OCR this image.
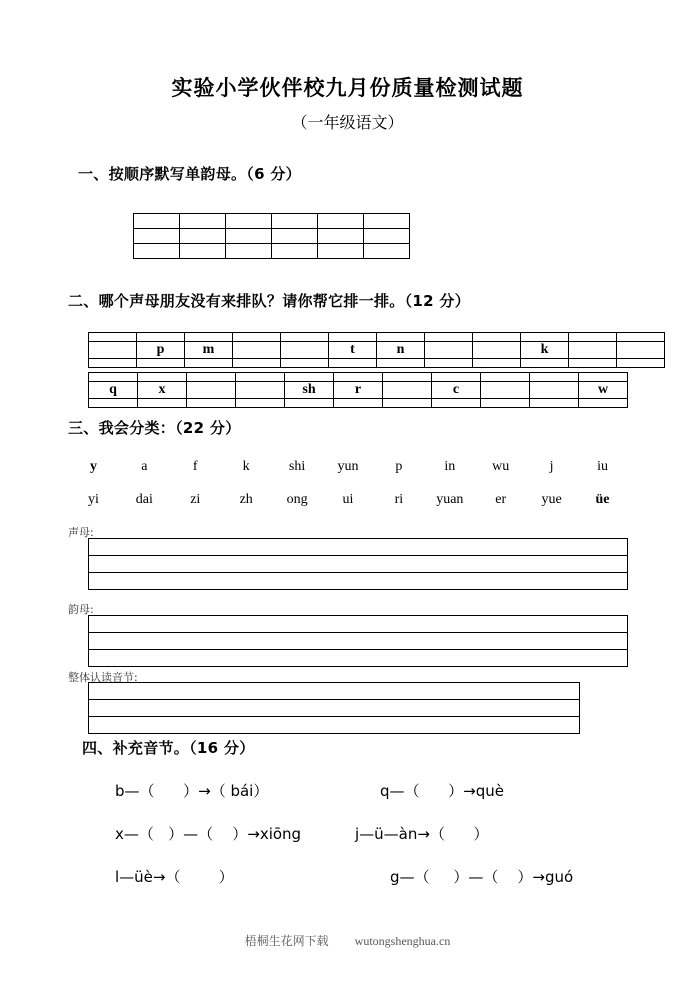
实验小学伙伴校九月份质量检测试题
（一年级语文）
一、按顺序默写单韵母。（6 分）

二、哪个声母朋友没有来排队？请你帮它排一排。（12 分）

	p	m			t	n			k		

q	x			sh	r		c			w

三、我会分类：（22 分）
y	a	f	k	shi	yun	p	in	wu	j	iu
yi	dai	zi	zh	ong	ui	ri	yuan	er	yue	üe
声母:

韵母:

整体认读音节:

四、补充音节。（16 分）
b—（      ）→（ bái）	q—（      ）→què
x—（   ）—（    ）→xiōng	j—ü—àn→（      ）
l—üè→（        ）	g—（     ）—（    ）→guó
梧桐生花网下载 wutongshenghua.cn
